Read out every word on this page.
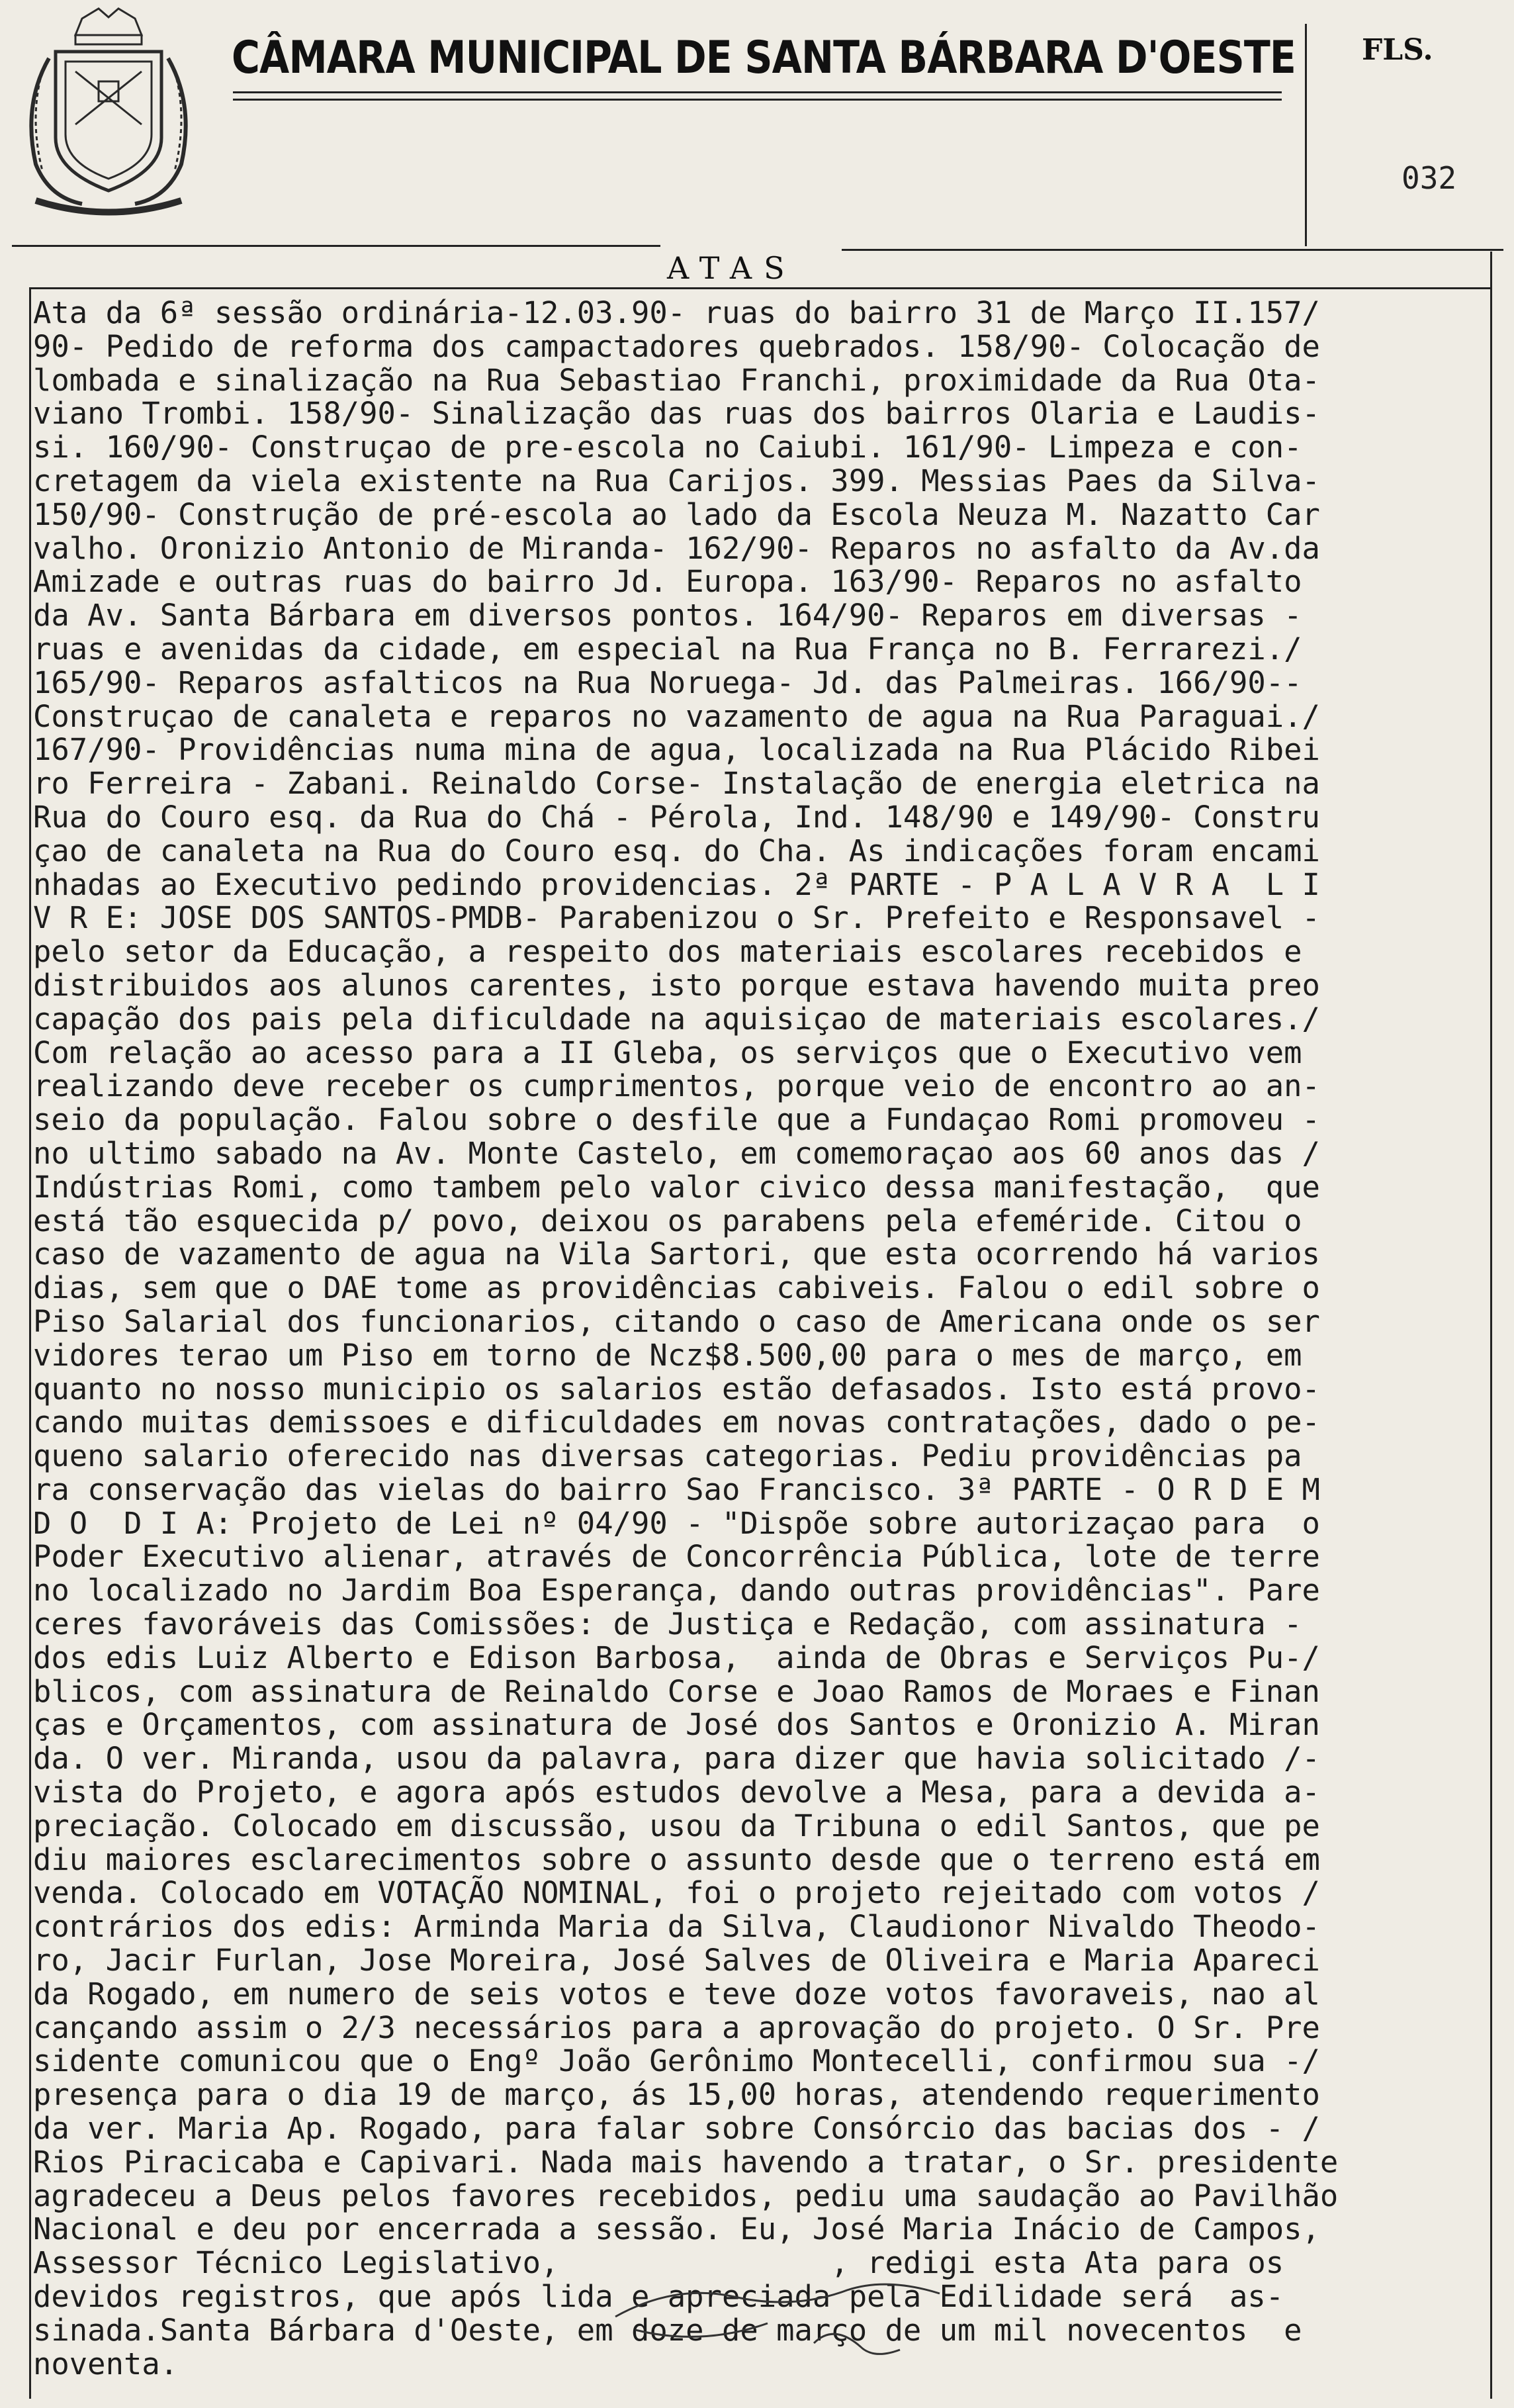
CÂMARA MUNICIPAL DE SANTA BÁRBARA D'OESTE FLS.
032
ATAS
Ata da 6ª sessão ordinária-12.03.90- ruas do bairro 31 de Março II.157/
90- Pedido de reforma dos campactadores quebrados. 158/90- Colocação de
lombada e sinalização na Rua Sebastiao Franchi, proximidade da Rua Ota-
viano Trombi. 158/90- Sinalização das ruas dos bairros Olaria e Laudis-
si. 160/90- Construçao de pre-escola no Caiubi. 161/90- Limpeza e con-
cretagem da viela existente na Rua Carijos. 399. Messias Paes da Silva-
150/90- Construção de pré-escola ao lado da Escola Neuza M. Nazatto Car
valho. Oronizio Antonio de Miranda- 162/90- Reparos no asfalto da Av.da
Amizade e outras ruas do bairro Jd. Europa. 163/90- Reparos no asfalto
da Av. Santa Bárbara em diversos pontos. 164/90- Reparos em diversas -
ruas e avenidas da cidade, em especial na Rua França no B. Ferrarezi./
165/90- Reparos asfalticos na Rua Noruega- Jd. das Palmeiras. 166/90--
Construçao de canaleta e reparos no vazamento de agua na Rua Paraguai./
167/90- Providências numa mina de agua, localizada na Rua Plácido Ribei
ro Ferreira - Zabani. Reinaldo Corse- Instalação de energia eletrica na
Rua do Couro esq. da Rua do Chá - Pérola, Ind. 148/90 e 149/90- Constru
çao de canaleta na Rua do Couro esq. do Cha. As indicações foram encami
nhadas ao Executivo pedindo providencias. 2ª PARTE - P A L A V R A  L I
V R E: JOSE DOS SANTOS-PMDB- Parabenizou o Sr. Prefeito e Responsavel -
pelo setor da Educação, a respeito dos materiais escolares recebidos e
distribuidos aos alunos carentes, isto porque estava havendo muita preo
capação dos pais pela dificuldade na aquisiçao de materiais escolares./
Com relação ao acesso para a II Gleba, os serviços que o Executivo vem
realizando deve receber os cumprimentos, porque veio de encontro ao an-
seio da população. Falou sobre o desfile que a Fundaçao Romi promoveu -
no ultimo sabado na Av. Monte Castelo, em comemoraçao aos 60 anos das /
Indústrias Romi, como tambem pelo valor civico dessa manifestação,  que
está tão esquecida p/ povo, deixou os parabens pela efeméride. Citou o
caso de vazamento de agua na Vila Sartori, que esta ocorrendo há varios
dias, sem que o DAE tome as providências cabiveis. Falou o edil sobre o
Piso Salarial dos funcionarios, citando o caso de Americana onde os ser
vidores terao um Piso em torno de Ncz$8.500,00 para o mes de março, em
quanto no nosso municipio os salarios estão defasados. Isto está provo-
cando muitas demissoes e dificuldades em novas contratações, dado o pe-
queno salario oferecido nas diversas categorias. Pediu providências pa
ra conservação das vielas do bairro Sao Francisco. 3ª PARTE - O R D E M
D O  D I A: Projeto de Lei nº 04/90 - "Dispõe sobre autorizaçao para  o
Poder Executivo alienar, através de Concorrência Pública, lote de terre
no localizado no Jardim Boa Esperança, dando outras providências". Pare
ceres favoráveis das Comissões: de Justiça e Redação, com assinatura -
dos edis Luiz Alberto e Edison Barbosa,  ainda de Obras e Serviços Pu-/
blicos, com assinatura de Reinaldo Corse e Joao Ramos de Moraes e Finan
ças e Orçamentos, com assinatura de José dos Santos e Oronizio A. Miran
da. O ver. Miranda, usou da palavra, para dizer que havia solicitado /-
vista do Projeto, e agora após estudos devolve a Mesa, para a devida a-
preciação. Colocado em discussão, usou da Tribuna o edil Santos, que pe
diu maiores esclarecimentos sobre o assunto desde que o terreno está em
venda. Colocado em VOTAÇÃO NOMINAL, foi o projeto rejeitado com votos /
contrários dos edis: Arminda Maria da Silva, Claudionor Nivaldo Theodo-
ro, Jacir Furlan, Jose Moreira, José Salves de Oliveira e Maria Apareci
da Rogado, em numero de seis votos e teve doze votos favoraveis, nao al
cançando assim o 2/3 necessários para a aprovação do projeto. O Sr. Pre
sidente comunicou que o Engº João Gerônimo Montecelli, confirmou sua -/
presença para o dia 19 de março, ás 15,00 horas, atendendo requerimento
da ver. Maria Ap. Rogado, para falar sobre Consórcio das bacias dos - /
Rios Piracicaba e Capivari. Nada mais havendo a tratar, o Sr. presidente
agradeceu a Deus pelos favores recebidos, pediu uma saudação ao Pavilhão
Nacional e deu por encerrada a sessão. Eu, José Maria Inácio de Campos,
Assessor Técnico Legislativo,               , redigi esta Ata para os
devidos registros, que após lida e apreciada pela Edilidade será  as-
sinada.Santa Bárbara d'Oeste, em doze de março de um mil novecentos  e
noventa.
